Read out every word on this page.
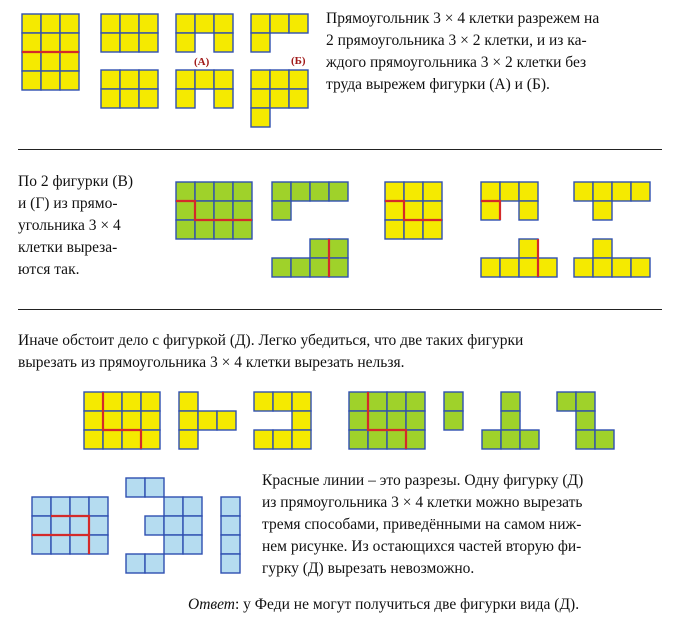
(А)	(Б)
Прямоугольник 3 × 4 клетки разрежем на
2 прямоугольника 3 × 2 клетки, и из ка-
ждого прямоугольника 3 × 2 клетки без
труда вырежем фигурки (А) и (Б).
По 2 фигурки (В)
и (Г) из прямо-
угольника 3 × 4
клетки выреза-
ются так.
Иначе обстоит дело с фигуркой (Д). Легко убедиться, что две таких фигурки
вырезать из прямоугольника 3 × 4 клетки вырезать нельзя.
Красные линии – это разрезы. Одну фигурку (Д)
из прямоугольника 3 × 4 клетки можно вырезать
тремя способами, приведёнными на самом ниж-
нем рисунке. Из остающихся частей вторую фи-
гурку (Д) вырезать невозможно.
Ответ: у Феди не могут получиться две фигурки вида (Д).
